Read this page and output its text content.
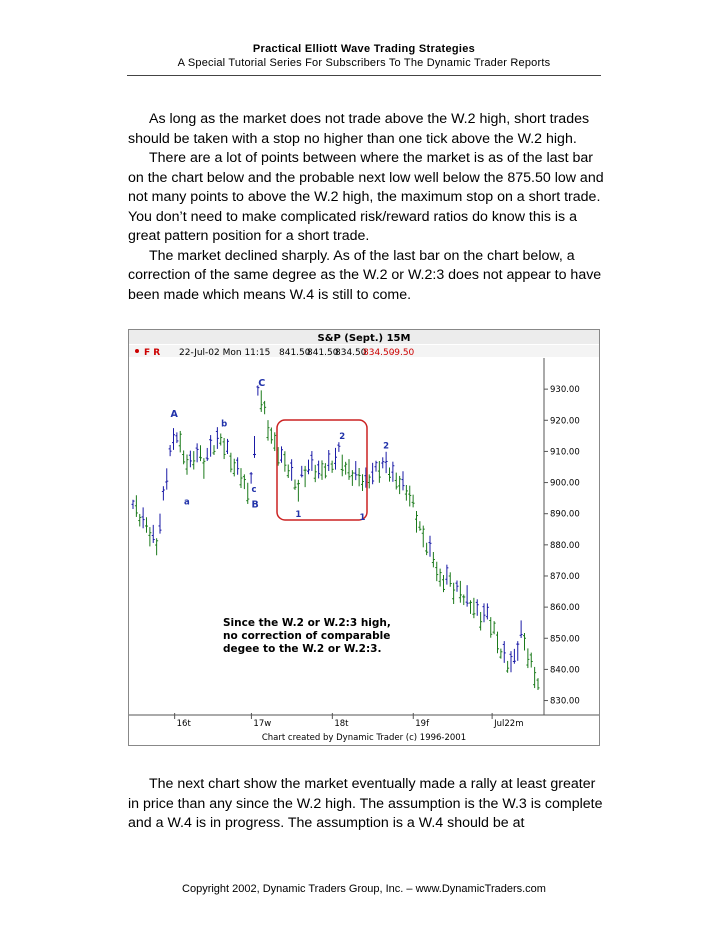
Practical Elliott Wave Trading Strategies
A Special Tutorial Series For Subscribers To The Dynamic Trader Reports

As long as the market does not trade above the W.2 high, short trades should be taken with a stop no higher than one tick above the W.2 high.

There are a lot of points between where the market is as of the last bar on the chart below and the probable next low well below the 875.50 low and not many points to above the W.2 high, the maximum stop on a short trade. You don’t need to make complicated risk/reward ratios do know this is a great pattern position for a short trade.

The market declined sharply. As of the last bar on the chart below, a correction of the same degree as the W.2 or W.2:3 does not appear to have been made which means W.4 is still to come.

S&P (Sept.) 15M
F R 22-Jul-02 Mon 11:15 841.50
841.50
834.50
834.50
-9.50
930.00
920.00
910.00
900.00
890.00
880.00
870.00
860.00
850.00
840.00
830.00
16t	17w	18t	19f	Jul22m
A
a
b
C
c
B
1
2
1
2
Since the W.2 or W.2:3 high,
no correction of comparable
degee to the W.2 or W.2:3.
Chart created by Dynamic Trader (c) 1996-2001

The next chart show the market eventually made a rally at least greater in price than any since the W.2 high. The assumption is the W.3 is complete and a W.4 is in progress. The assumption is a W.4 should be at

Copyright 2002, Dynamic Traders Group, Inc. – www.DynamicTraders.com
